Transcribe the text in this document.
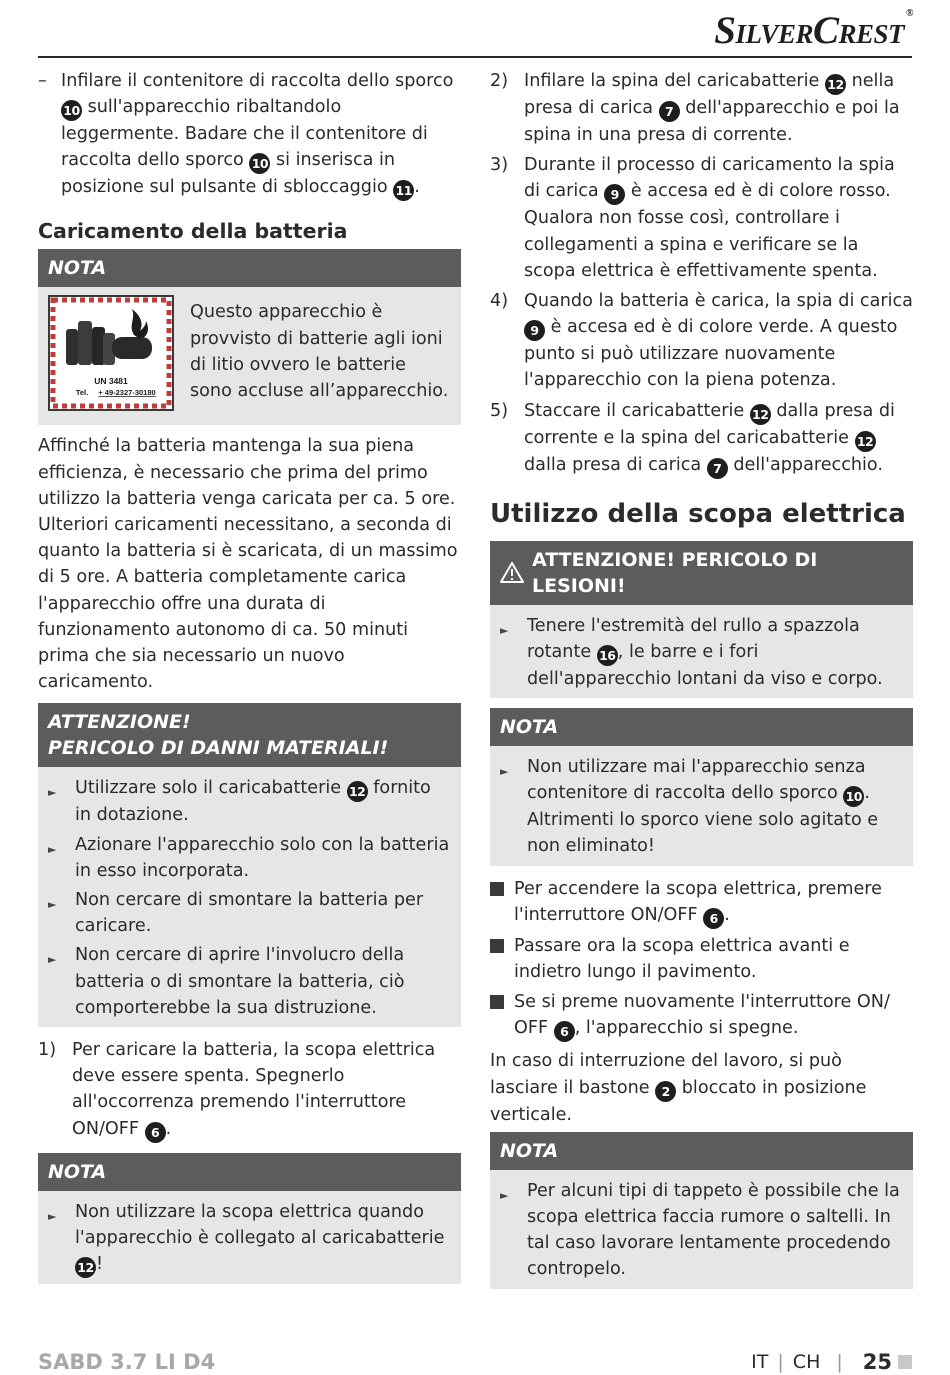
SilverCrest ®
– Infilare il contenitore di raccolta dello sporco 10 sull'apparecchio ribaltandolo leggermente. Badare che il contenitore di raccolta dello sporco 10 si inserisca in posizione sul pulsante di sbloccaggio 11 .
Caricamento della batteria
NOTA
UN 3481
Tel. + 49-2327-30180
Questo apparecchio è provvisto di batterie agli ioni di litio ovvero le batterie sono accluse all’apparecchio.
Affinché la batteria mantenga la sua piena efficienza, è necessario che prima del primo utilizzo la batteria venga caricata per ca. 5 ore. Ulteriori caricamenti necessitano, a seconda di quanto la batteria si è scaricata, di un massimo di 5 ore. A batteria completamente carica l'apparecchio offre una durata di funzionamento autonomo di ca. 50 minuti prima che sia necessario un nuovo caricamento.
ATTENZIONE!
PERICOLO DI DANNI MATERIALI!
►	Utilizzare solo il caricabatterie 12 fornito in dotazione.
►	Azionare l'apparecchio solo con la batteria in esso incorporata.
►	Non cercare di smontare la batteria per caricare.
►	Non cercare di aprire l'involucro della batteria o di smontare la batteria, ciò comporterebbe la sua distruzione.
1) Per caricare la batteria, la scopa elettrica deve essere spenta. Spegnerlo all'occorrenza premendo l'interruttore ON/OFF 6 .
NOTA
►	Non utilizzare la scopa elettrica quando l'apparecchio è collegato al caricabatterie 12 !
2) Infilare la spina del caricabatterie 12 nella presa di carica 7 dell'apparecchio e poi la spina in una presa di corrente.
3) Durante il processo di caricamento la spia di carica 9 è accesa ed è di colore rosso. Qualora non fosse così, controllare i collegamenti a spina e verificare se la scopa elettrica è effettivamente spenta.
4) Quando la batteria è carica, la spia di carica 9 è accesa ed è di colore verde. A questo punto si può utilizzare nuovamente l'apparecchio con la piena potenza.
5) Staccare il caricabatterie 12 dalla presa di corrente e la spina del caricabatterie 12 dalla presa di carica 7 dell'apparecchio.
Utilizzo della scopa elettrica
ATTENZIONE! PERICOLO DI LESIONI!
►	Tenere l'estremità del rullo a spazzola rotante 16 , le barre e i fori dell'apparecchio lontani da viso e corpo.
NOTA
►	Non utilizzare mai l'apparecchio senza contenitore di raccolta dello sporco 10 . Altrimenti lo sporco viene solo agitato e non eliminato!
Per accendere la scopa elettrica, premere l'interruttore ON/OFF 6 .
Passare ora la scopa elettrica avanti e indietro lungo il pavimento.
Se si preme nuovamente l'interruttore ON/ OFF 6 , l'apparecchio si spegne.
In caso di interruzione del lavoro, si può lasciare il bastone 2 bloccato in posizione verticale.
NOTA
►	Per alcuni tipi di tappeto è possibile che la scopa elettrica faccia rumore o saltelli. In tal caso lavorare lentamente procedendo contropelo.
SABD 3.7 LI D4	IT | CH | 25
